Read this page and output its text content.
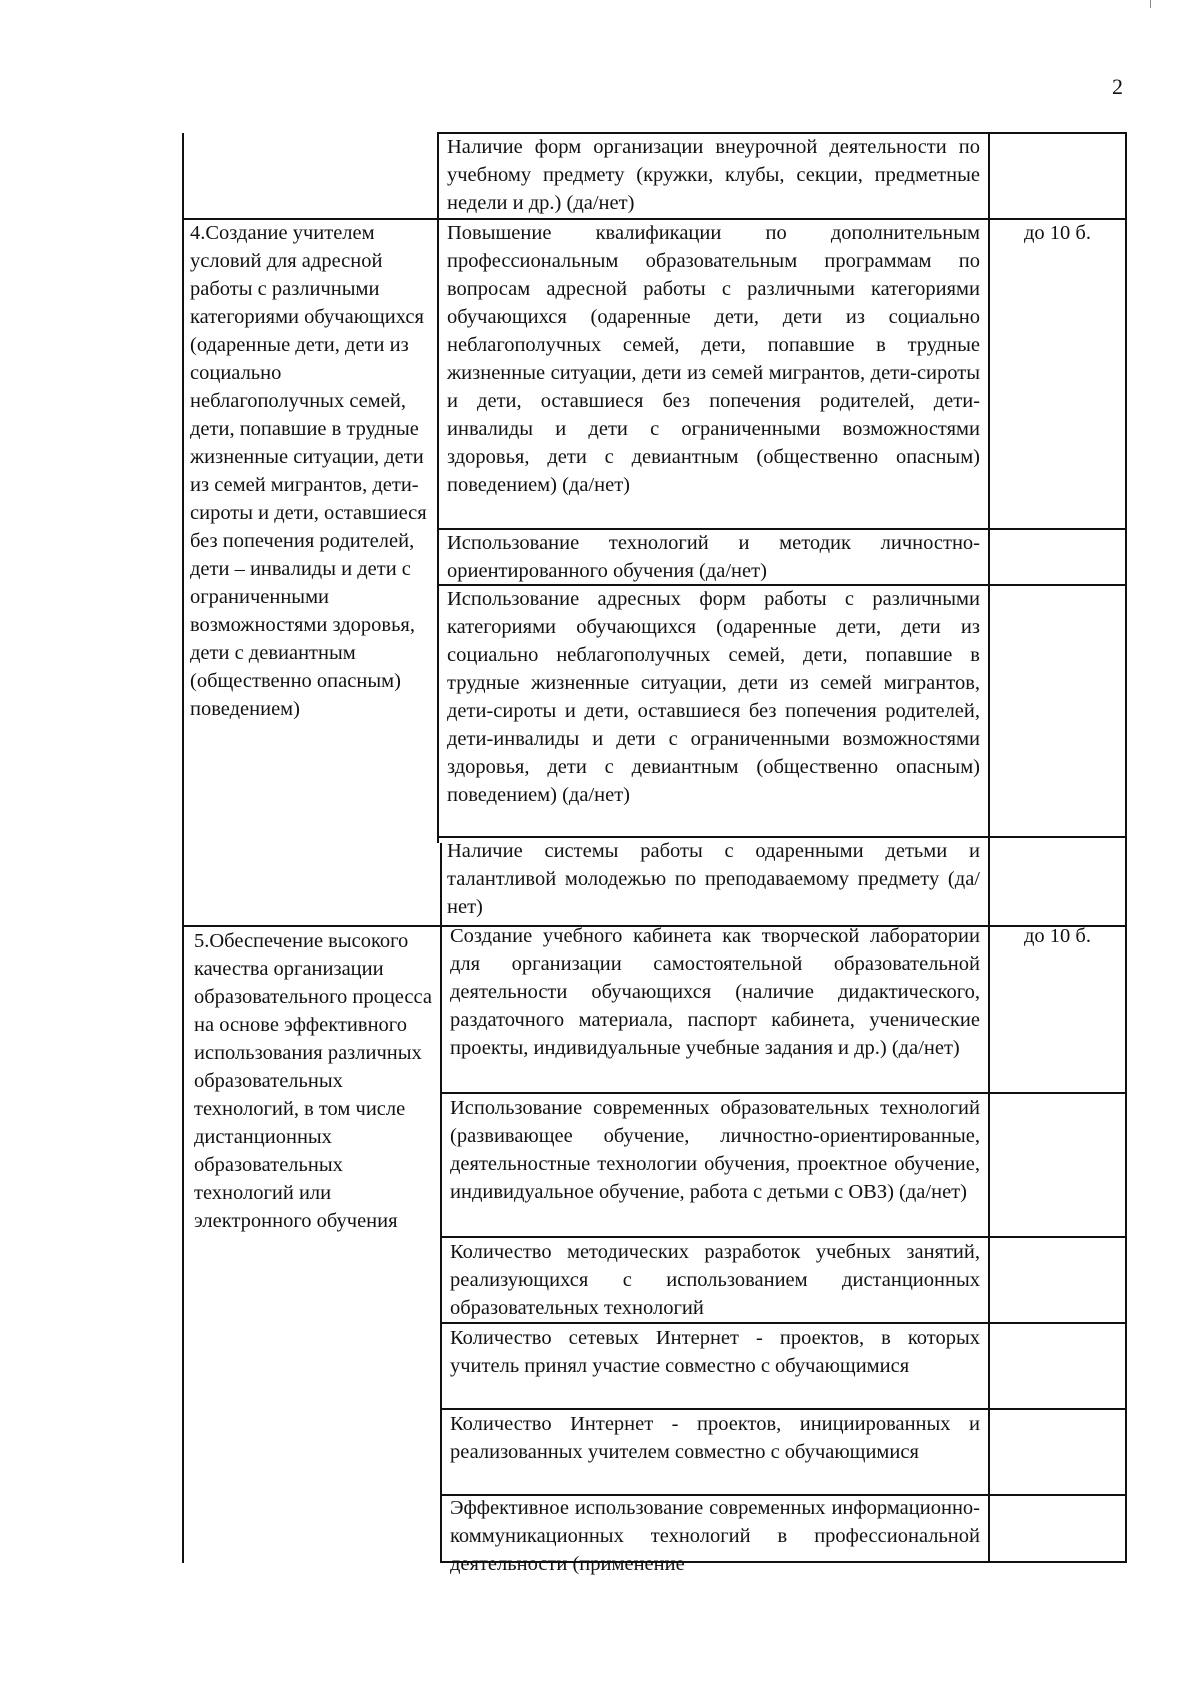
2
Наличие форм организации внеурочной деятельности по учебному предмету (кружки, клубы, секции, предметные недели и др.) (да/нет)
4.Создание учителем условий для адресной работы с различными категориями обучающихся (одаренные дети, дети из социально неблагополучных семей, дети, попавшие в трудные жизненные ситуации, дети из семей мигрантов, дети-сироты и дети, оставшиеся без попечения родителей, дети – инвалиды и дети с ограниченными возможностями здоровья, дети с девиантным (общественно опасным) поведением)
до 10 б.
Повышение квалификации по дополнительным профессиональным образовательным программам по вопросам адресной работы с различными категориями обучающихся (одаренные дети, дети из социально неблагополучных семей, дети, попавшие в трудные жизненные ситуации, дети из семей мигрантов, дети-сироты и дети, оставшиеся без попечения родителей, дети-инвалиды и дети с ограниченными возможностями здоровья, дети с девиантным (общественно опасным) поведением) (да/нет)
Использование технологий и методик личностно-ориентированного обучения (да/нет)
Использование адресных форм работы с различными категориями обучающихся (одаренные дети, дети из социально неблагополучных семей, дети, попавшие в трудные жизненные ситуации, дети из семей мигрантов, дети-сироты и дети, оставшиеся без попечения родителей, дети-инвалиды и дети с ограниченными возможностями здоровья, дети с девиантным (общественно опасным) поведением) (да/нет)
Наличие системы работы с одаренными детьми и талантливой молодежью по преподаваемому предмету (да/нет)
5.Обеспечение высокого качества организации образовательного процесса на основе эффективного использования различных образовательных технологий, в том числе дистанционных образовательных технологий или электронного обучения
до 10 б.
Создание учебного кабинета как творческой лаборатории для организации самостоятельной образовательной деятельности обучающихся (наличие дидактического, раздаточного материала, паспорт кабинета, ученические проекты, индивидуальные учебные задания и др.) (да/нет)
Использование современных образовательных технологий (развивающее обучение, личностно-ориентированные, деятельностные технологии обучения, проектное обучение, индивидуальное обучение, работа с детьми с ОВЗ) (да/нет)
Количество методических разработок учебных занятий, реализующихся с использованием дистанционных образовательных технологий
Количество сетевых Интернет - проектов, в которых учитель принял участие совместно с обучающимися
Количество Интернет - проектов, инициированных и реализованных учителем совместно с обучающимися
Эффективное использование современных информационно-коммуникационных технологий в профессиональной деятельности (применение
